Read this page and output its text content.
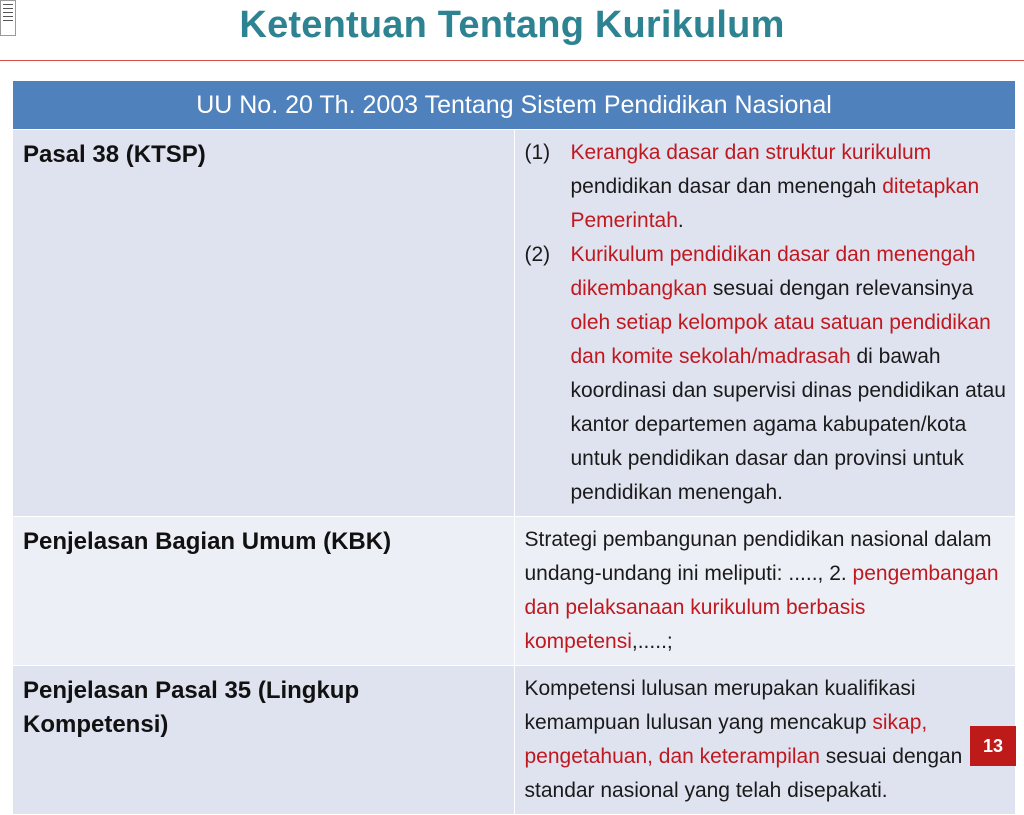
Ketentuan Tentang Kurikulum
UU No. 20 Th. 2003 Tentang Sistem Pendidikan Nasional	
Pasal 38 (KTSP)	(1) Kerangka dasar dan struktur kurikulum pendidikan dasar dan menengah ditetapkan Pemerintah.
(2) Kurikulum pendidikan dasar dan menengah dikembangkan sesuai dengan relevansinya oleh setiap kelompok atau satuan pendidikan dan komite sekolah/madrasah di bawah koordinasi dan supervisi dinas pendidikan atau kantor departemen agama kabupaten/kota untuk pendidikan dasar dan provinsi untuk pendidikan menengah.

Penjelasan Bagian Umum (KBK)	Strategi pembangunan pendidikan nasional dalam undang-undang ini meliputi: ....., 2. pengembangan dan pelaksanaan kurikulum berbasis kompetensi,.....;
Penjelasan Pasal 35 (Lingkup Kompetensi)	Kompetensi lulusan merupakan kualifikasi kemampuan lulusan yang mencakup sikap, pengetahuan, dan keterampilan sesuai dengan standar nasional yang telah disepakati.
13
